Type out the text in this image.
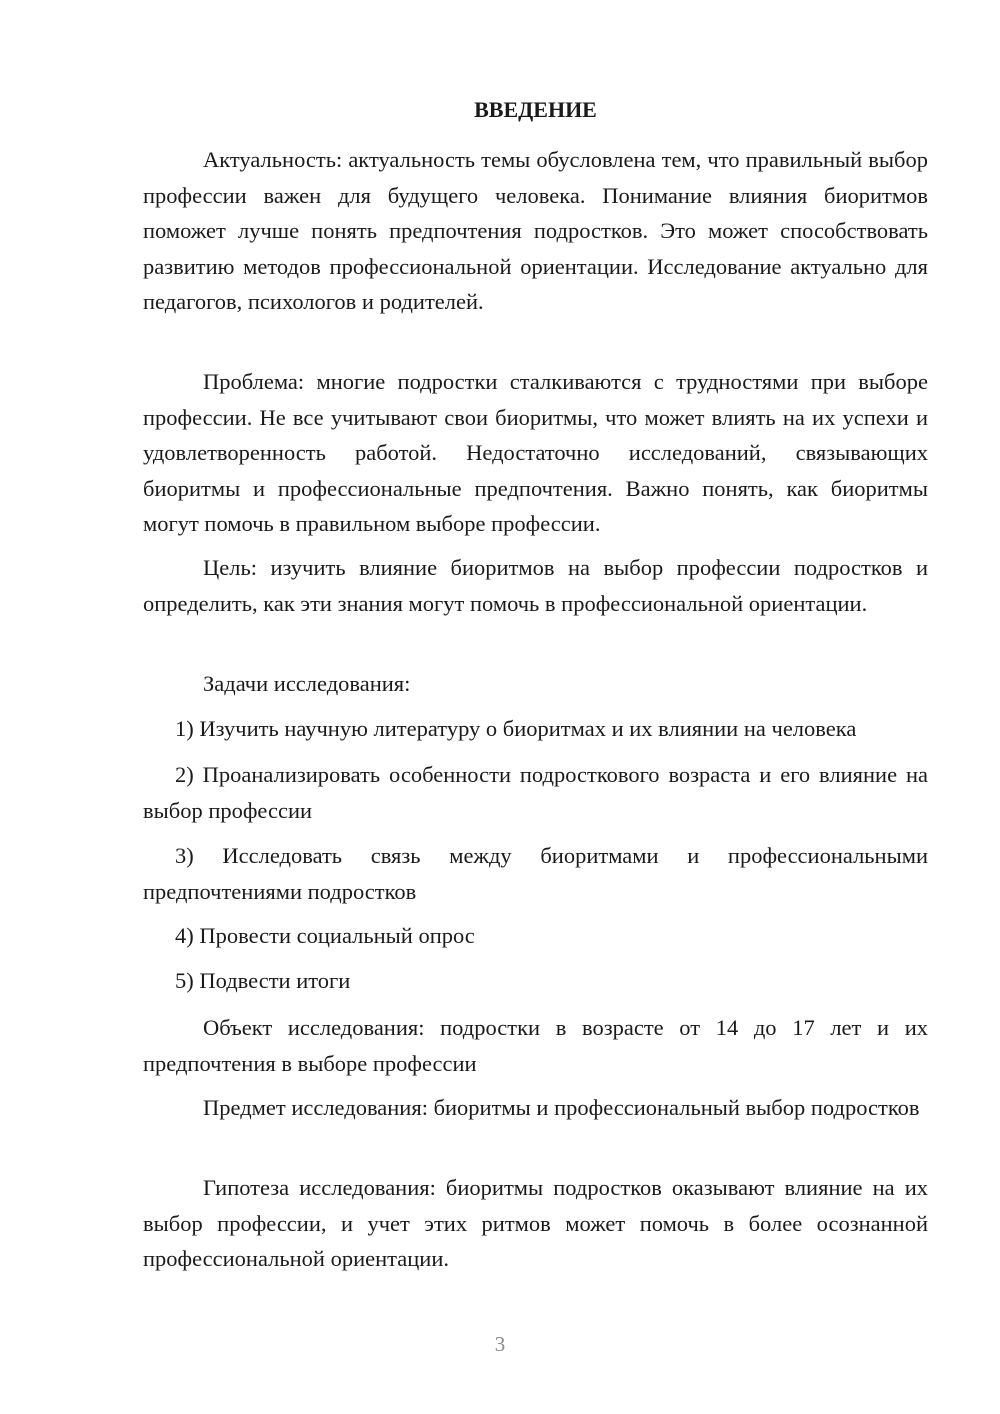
ВВЕДЕНИЕ

Актуальность: актуальность темы обусловлена тем, что правильный выбор профессии важен для будущего человека. Понимание влияния биоритмов поможет лучше понять предпочтения подростков. Это может способствовать развитию методов профессиональной ориентации. Исследование актуально для педагогов, психологов и родителей.

Проблема: многие подростки сталкиваются с трудностями при выборе профессии. Не все учитывают свои биоритмы, что может влиять на их успехи и удовлетворенность работой. Недостаточно исследований, связывающих биоритмы и профессиональные предпочтения. Важно понять, как биоритмы могут помочь в правильном выборе профессии.

Цель: изучить влияние биоритмов на выбор профессии подростков и определить, как эти знания могут помочь в профессиональной ориентации.

Задачи исследования:

1) Изучить научную литературу о биоритмах и их влиянии на человека

2) Проанализировать особенности подросткового возраста и его влияние на выбор профессии

3) Исследовать связь между биоритмами и профессиональными предпочтениями подростков

4) Провести социальный опрос

5) Подвести итоги

Объект исследования: подростки в возрасте от 14 до 17 лет и их предпочтения в выборе профессии

Предмет исследования: биоритмы и профессиональный выбор подростков

Гипотеза исследования: биоритмы подростков оказывают влияние на их выбор профессии, и учет этих ритмов может помочь в более осознанной профессиональной ориентации.

3
